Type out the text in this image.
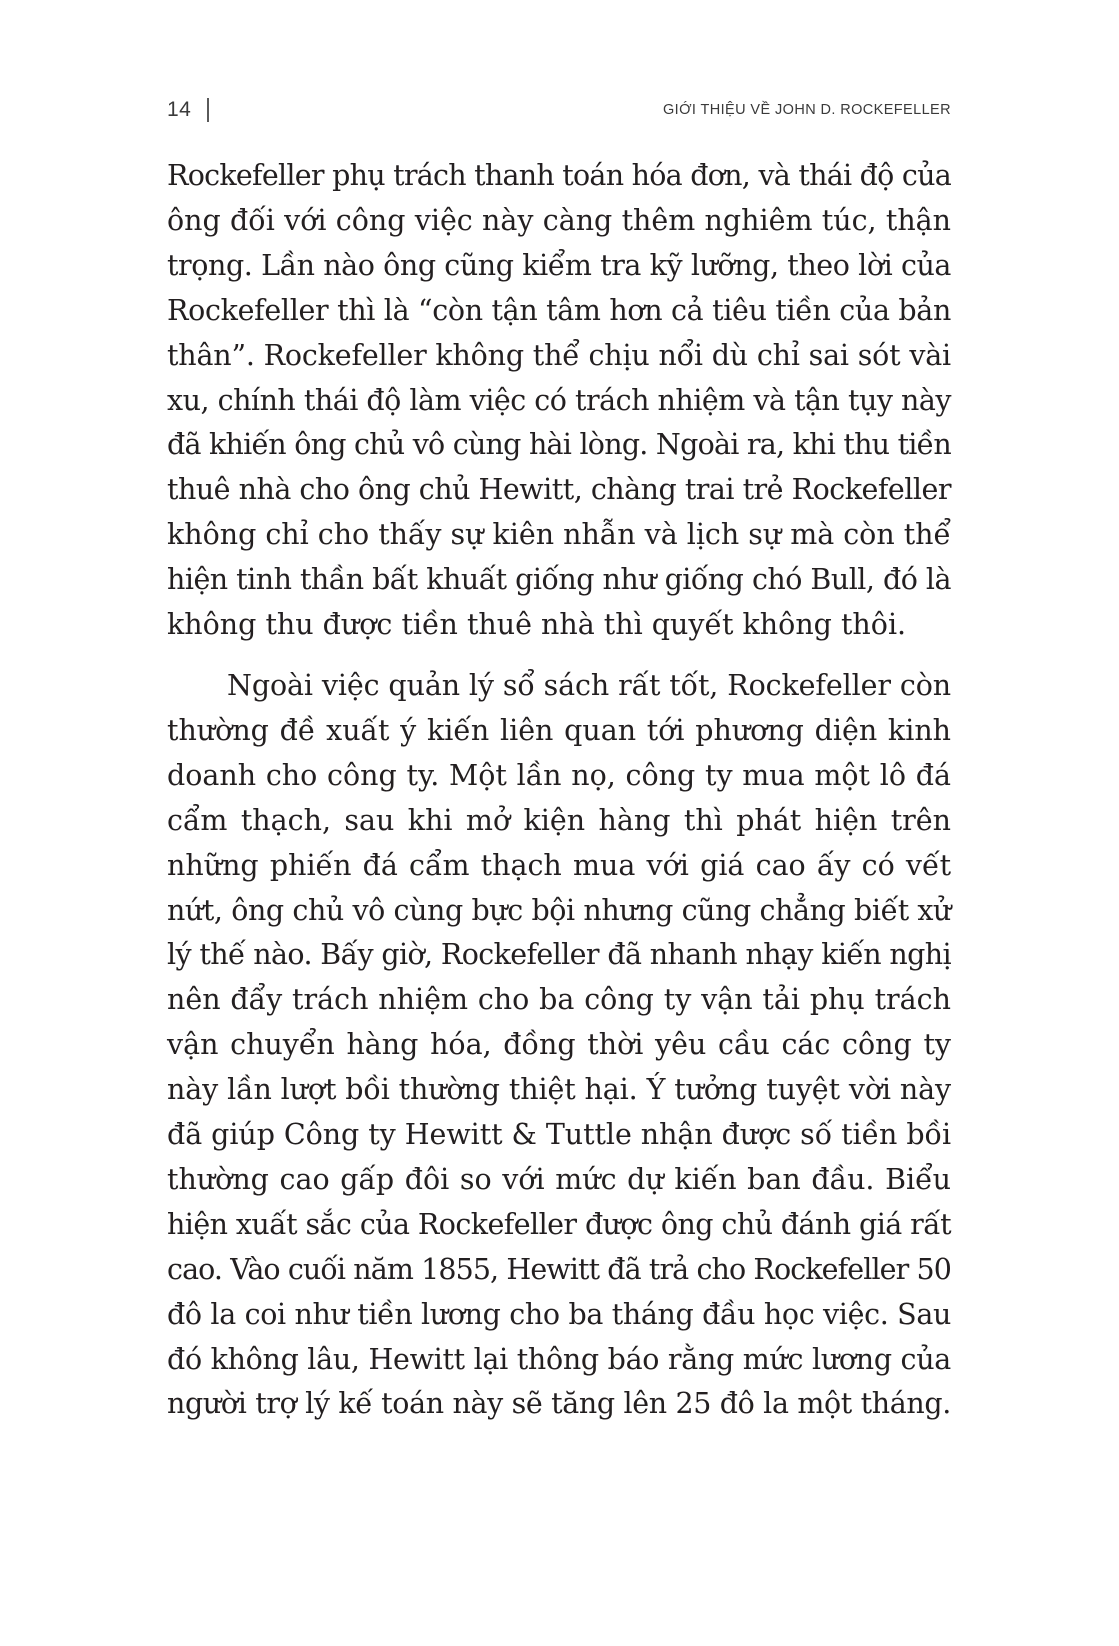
14	GIỚI THIỆU VỀ JOHN D. ROCKEFELLER

Rockefeller phụ trách thanh toán hóa đơn, và thái độ của
ông đối với công việc này càng thêm nghiêm túc, thận
trọng. Lần nào ông cũng kiểm tra kỹ lưỡng, theo lời của
Rockefeller thì là “còn tận tâm hơn cả tiêu tiền của bản
thân”. Rockefeller không thể chịu nổi dù chỉ sai sót vài
xu, chính thái độ làm việc có trách nhiệm và tận tụy này
đã khiến ông chủ vô cùng hài lòng. Ngoài ra, khi thu tiền
thuê nhà cho ông chủ Hewitt, chàng trai trẻ Rockefeller
không chỉ cho thấy sự kiên nhẫn và lịch sự mà còn thể
hiện tinh thần bất khuất giống như giống chó Bull, đó là
không thu được tiền thuê nhà thì quyết không thôi.

Ngoài việc quản lý sổ sách rất tốt, Rockefeller còn
thường đề xuất ý kiến liên quan tới phương diện kinh
doanh cho công ty. Một lần nọ, công ty mua một lô đá
cẩm thạch, sau khi mở kiện hàng thì phát hiện trên
những phiến đá cẩm thạch mua với giá cao ấy có vết
nứt, ông chủ vô cùng bực bội nhưng cũng chẳng biết xử
lý thế nào. Bấy giờ, Rockefeller đã nhanh nhạy kiến nghị
nên đẩy trách nhiệm cho ba công ty vận tải phụ trách
vận chuyển hàng hóa, đồng thời yêu cầu các công ty
này lần lượt bồi thường thiệt hại. Ý tưởng tuyệt vời này
đã giúp Công ty Hewitt & Tuttle nhận được số tiền bồi
thường cao gấp đôi so với mức dự kiến ban đầu. Biểu
hiện xuất sắc của Rockefeller được ông chủ đánh giá rất
cao. Vào cuối năm 1855, Hewitt đã trả cho Rockefeller 50
đô la coi như tiền lương cho ba tháng đầu học việc. Sau
đó không lâu, Hewitt lại thông báo rằng mức lương của
người trợ lý kế toán này sẽ tăng lên 25 đô la một tháng.
